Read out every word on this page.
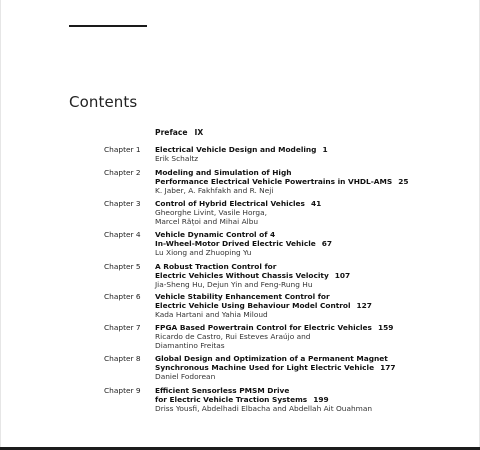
Contents
Preface IX
Chapter 1 Electrical Vehicle Design and Modeling 1
Erik Schaltz
Chapter 2 Modeling and Simulation of High
Performance Electrical Vehicle Powertrains in VHDL-AMS 25
K. Jaber, A. Fakhfakh and R. Neji
Chapter 3 Control of Hybrid Electrical Vehicles 41
Gheorghe Livint, Vasile Horga,
Marcel Rățoi and Mihai Albu
Chapter 4 Vehicle Dynamic Control of 4
In-Wheel-Motor Drived Electric Vehicle 67
Lu Xiong and Zhuoping Yu
Chapter 5 A Robust Traction Control for
Electric Vehicles Without Chassis Velocity 107
Jia-Sheng Hu, Dejun Yin and Feng-Rung Hu
Chapter 6 Vehicle Stability Enhancement Control for
Electric Vehicle Using Behaviour Model Control 127
Kada Hartani and Yahia Miloud
Chapter 7 FPGA Based Powertrain Control for Electric Vehicles 159
Ricardo de Castro, Rui Esteves Araújo and
Diamantino Freitas
Chapter 8 Global Design and Optimization of a Permanent Magnet
Synchronous Machine Used for Light Electric Vehicle 177
Daniel Fodorean
Chapter 9 Efficient Sensorless PMSM Drive
for Electric Vehicle Traction Systems 199
Driss Yousfi, Abdelhadi Elbacha and Abdellah Ait Ouahman
